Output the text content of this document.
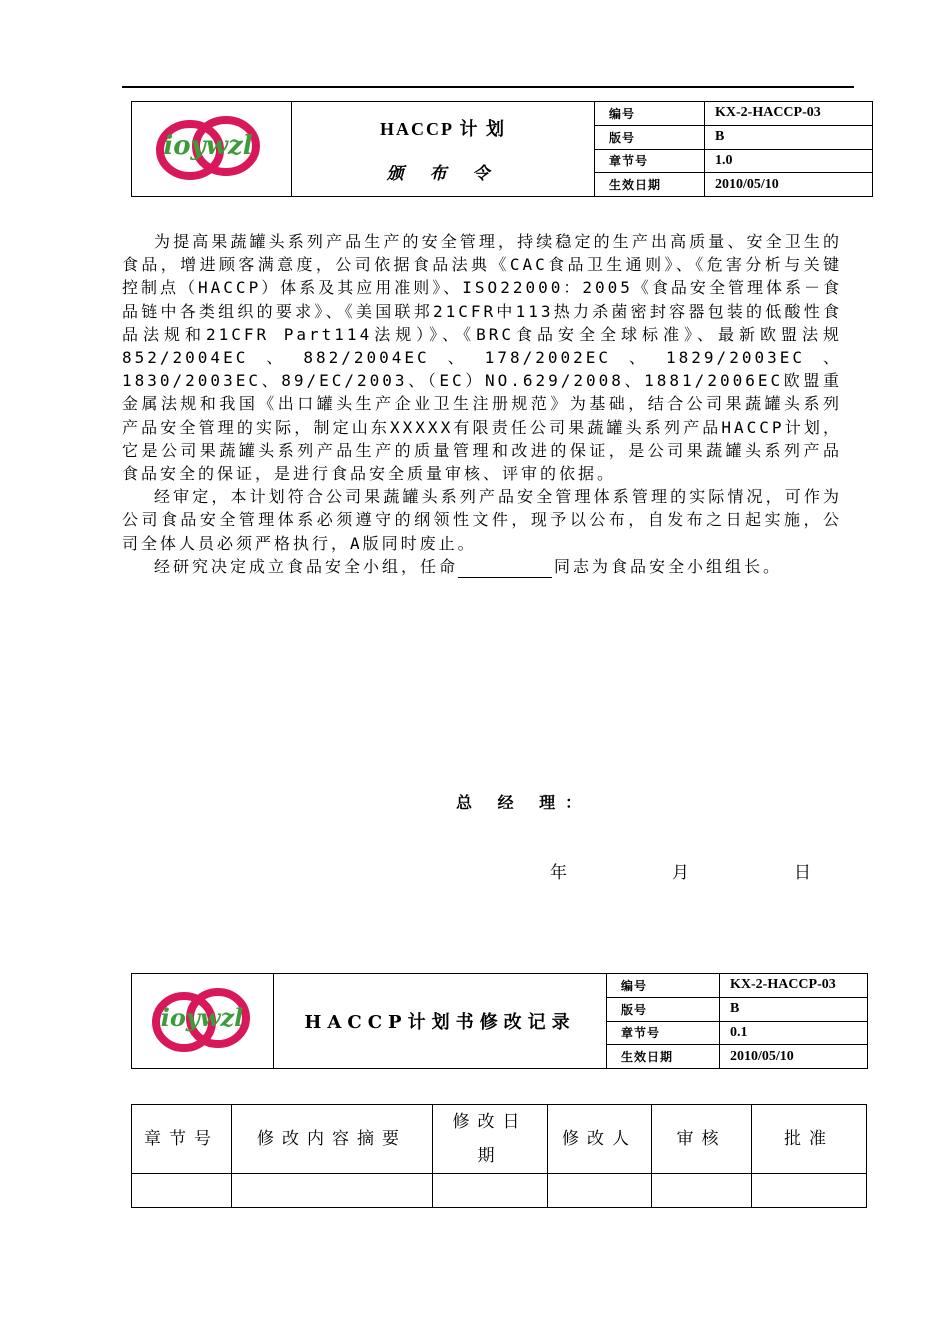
ioywzl	HACCP 计 划
颁 布 令	编号	KX-2-HACCP-03
		版号	B
		章节号	1.0
		生效日期	2010/05/10

为提高果蔬罐头系列产品生产的安全管理，持续稳定的生产出高质量、安全卫生的食品，增进顾客满意度，公司依据食品法典《CAC食品卫生通则》、《危害分析与关键控制点（HACCP）体系及其应用准则》、ISO22000：2005《食品安全管理体系－食品链中各类组织的要求》、《美国联邦21CFR中113热力杀菌密封容器包装的低酸性食品法规和21CFR Part114法规）》、《BRC食品安全全球标准》、最新欧盟法规852/2004EC、882/2004EC、178/2002EC、1829/2003EC、1830/2003EC、89/EC/2003、（EC）NO.629/2008、1881/2006EC欧盟重金属法规和我国《出口罐头生产企业卫生注册规范》为基础，结合公司果蔬罐头系列产品安全管理的实际，制定山东XXXXX有限责任公司果蔬罐头系列产品HACCP计划，它是公司果蔬罐头系列产品生产的质量管理和改进的保证，是公司果蔬罐头系列产品食品安全的保证，是进行食品安全质量审核、评审的依据。

经审定，本计划符合公司果蔬罐头系列产品安全管理体系管理的实际情况，可作为公司食品安全管理体系必须遵守的纲领性文件，现予以公布，自发布之日起实施，公司全体人员必须严格执行，A版同时废止。

经研究决定成立食品安全小组，任命	同志为食品安全小组组长。

总 经 理：
年	月	日
ioywzl	HACCP计划书修改记录	编号	KX-2-HACCP-03
		版号	B
		章节号	0.1
		生效日期	2010/05/10
章节号	修改内容摘要	修改日期	修改人	审核	批准
